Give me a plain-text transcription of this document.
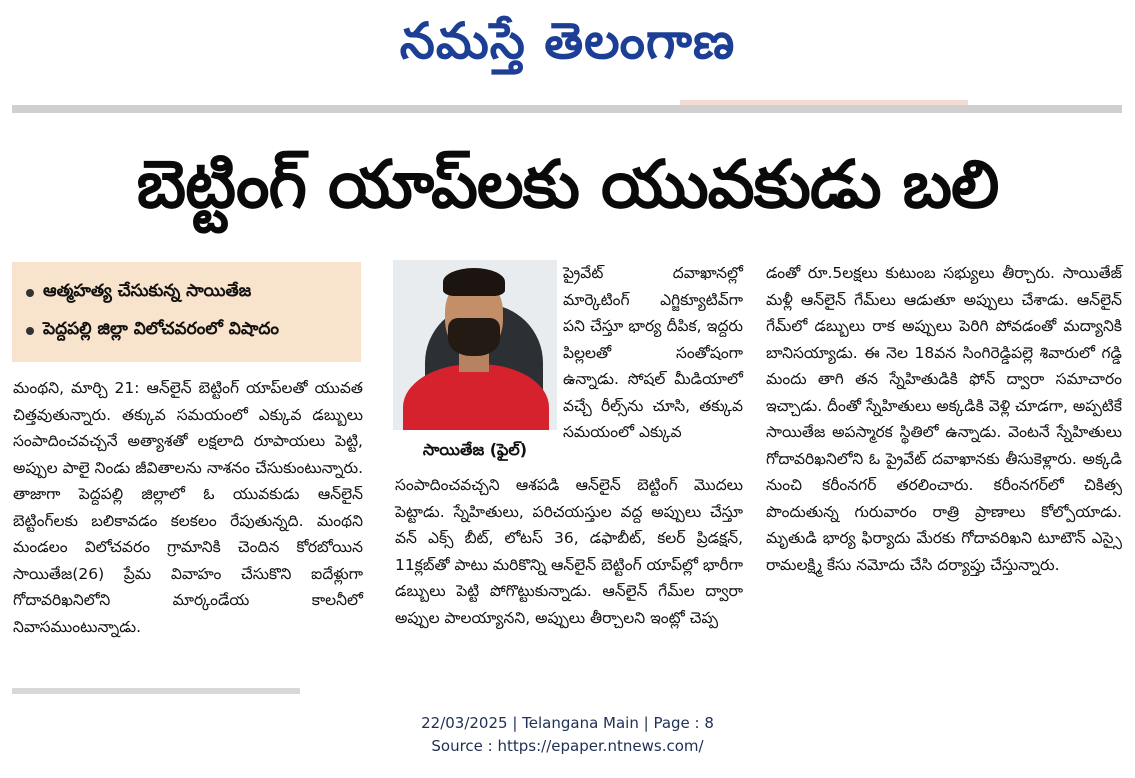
నమస్తే తెలంగాణ
బెట్టింగ్ యాప్‌లకు యువకుడు బలి
ఆత్మహత్య చేసుకున్న సాయితేజ
పెద్దపల్లి జిల్లా విలోచవరంలో విషాదం

మంథని, మార్చి 21: ఆన్‌లైన్ బెట్టింగ్ యాప్‌లతో యువత చిత్తవుతున్నారు. తక్కువ సమయంలో ఎక్కువ డబ్బులు సంపాదించవచ్చనే అత్యాశతో లక్షలాది రూపాయలు పెట్టి, అప్పుల పాలై నిండు జీవితాలను నాశనం చేసుకుంటున్నారు. తాజాగా పెద్దపల్లి జిల్లాలో ఓ యువకుడు ఆన్‌లైన్ బెట్టింగ్‌లకు బలికావడం కలకలం రేపుతున్నది. మంథని మండలం విలోచవరం గ్రామానికి చెందిన కోరబోయిన సాయితేజ(26) ప్రేమ వివాహం చేసుకొని ఐదేళ్లుగా గోదావరిఖనిలోని మార్కండేయ కాలనీలో నివాసముంటున్నాడు.

సాయితేజ (ఫైల్)

ప్రైవేట్ దవాఖానల్లో మార్కెటింగ్ ఎగ్జిక్యూటివ్‌గా పని చేస్తూ భార్య దీపిక, ఇద్దరు పిల్లలతో సంతోషంగా ఉన్నాడు. సోషల్ మీడియాలో వచ్చే రీల్స్‌ను చూసి, తక్కువ సమయంలో ఎక్కువ

సంపాదించవచ్చని ఆశపడి ఆన్‌లైన్ బెట్టింగ్ మొదలు పెట్టాడు. స్నేహితులు, పరిచయస్తుల వద్ద అప్పులు చేస్తూ వన్ ఎక్స్ బీట్, లోటస్ 36, డఫాబీట్, కలర్ ప్రిడక్షన్, 11క్లబ్‌తో పాటు మరికొన్ని ఆన్‌లైన్ బెట్టింగ్ యాప్‌ల్లో భారీగా డబ్బులు పెట్టి పోగొట్టుకున్నాడు. ఆన్‌లైన్ గేమ్‌ల ద్వారా అప్పుల పాలయ్యానని, అప్పులు తీర్చాలని ఇంట్లో చెప్ప

డంతో రూ.5లక్షలు కుటుంబ సభ్యులు తీర్చారు. సాయితేజ్ మళ్లీ ఆన్‌లైన్ గేమ్‌లు ఆడుతూ అప్పులు చేశాడు. ఆన్‌లైన్ గేమ్‌లో డబ్బులు రాక అప్పులు పెరిగి పోవడంతో మద్యానికి బానిసయ్యాడు. ఈ నెల 18వన సింగిరెడ్డిపల్లె శివారులో గడ్డి మందు తాగి తన స్నేహితుడికి ఫోన్ ద్వారా సమాచారం ఇచ్చాడు. దీంతో స్నేహితులు అక్కడికి వెళ్లి చూడగా, అప్పటికే సాయితేజ అపస్మారక స్థితిలో ఉన్నాడు. వెంటనే స్నేహితులు గోదావరిఖనిలోని ఓ ప్రైవేట్ దవాఖానకు తీసుకెళ్లారు. అక్కడి నుంచి కరీంనగర్ తరలించారు. కరీంనగర్‌లో చికిత్స పొందుతున్న గురువారం రాత్రి ప్రాణాలు కోల్పోయాడు. మృతుడి భార్య ఫిర్యాదు మేరకు గోదావరిఖని టూటౌన్ ఎస్సై రామలక్ష్మి కేసు నమోదు చేసి దర్యాప్తు చేస్తున్నారు.

22/03/2025 | Telangana Main | Page : 8
Source : https://epaper.ntnews.com/
